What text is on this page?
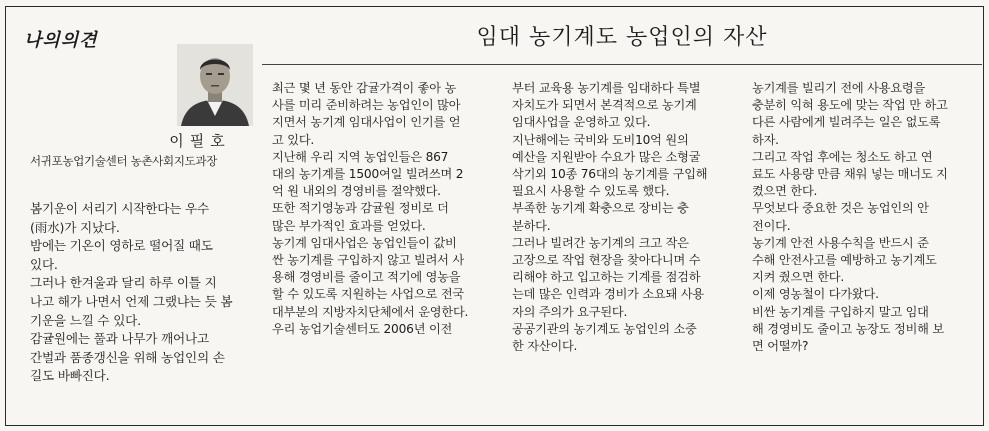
나의의견	임대 농기계도 농업인의 자산
이필호
서귀포농업기술센터 농촌사회지도과장
봄기운이 서리기 시작한다는 우수
(雨水)가 지났다.
밤에는 기온이 영하로 떨어질 때도
있다.
그러나 한겨울과 달리 하루 이틀 지
나고 해가 나면서 언제 그랬냐는 듯 봄
기운을 느낄 수 있다.
감귤원에는 풀과 나무가 깨어나고
간벌과 품종갱신을 위해 농업인의 손
길도 바빠진다.
최근 몇 년 동안 감귤가격이 좋아 농
사를 미리 준비하려는 농업인이 많아
지면서 농기계 임대사업이 인기를 얻
고 있다.
지난해 우리 지역 농업인들은 867
대의 농기계를 1500여일 빌려쓰며 2
억 원 내외의 경영비를 절약했다.
또한 적기영농과 감귤원 정비로 더
많은 부가적인 효과를 얻었다.
농기계 임대사업은 농업인들이 값비
싼 농기계를 구입하지 않고 빌려서 사
용해 경영비를 줄이고 적기에 영농을
할 수 있도록 지원하는 사업으로 전국
대부분의 지방자치단체에서 운영한다.
우리 농업기술센터도 2006년 이전
부터 교육용 농기계를 임대하다 특별
자치도가 되면서 본격적으로 농기계
임대사업을 운영하고 있다.
지난해에는 국비와 도비10억 원의
예산을 지원받아 수요가 많은 소형굴
삭기외 10종 76대의 농기계를 구입해
필요시 사용할 수 있도록 했다.
부족한 농기계 확충으로 장비는 충
분하다.
그러나 빌려간 농기계의 크고 작은
고장으로 작업 현장을 찾아다니며 수
리해야 하고 입고하는 기계를 점검하
는데 많은 인력과 경비가 소요돼 사용
자의 주의가 요구된다.
공공기관의 농기계도 농업인의 소중
한 자산이다.
농기계를 빌리기 전에 사용요령을
충분히 익혀 용도에 맞는 작업 만 하고
다른 사람에게 빌려주는 일은 없도록
하자.
그리고 작업 후에는 청소도 하고 연
료도 사용량 만큼 채워 넣는 매너도 지
켰으면 한다.
무엇보다 중요한 것은 농업인의 안
전이다.
농기계 안전 사용수칙을 반드시 준
수해 안전사고를 예방하고 농기계도
지켜 줬으면 한다.
이제 영농철이 다가왔다.
비싼 농기계를 구입하지 말고 임대
해 경영비도 줄이고 농장도 정비해 보
면 어떨까?
